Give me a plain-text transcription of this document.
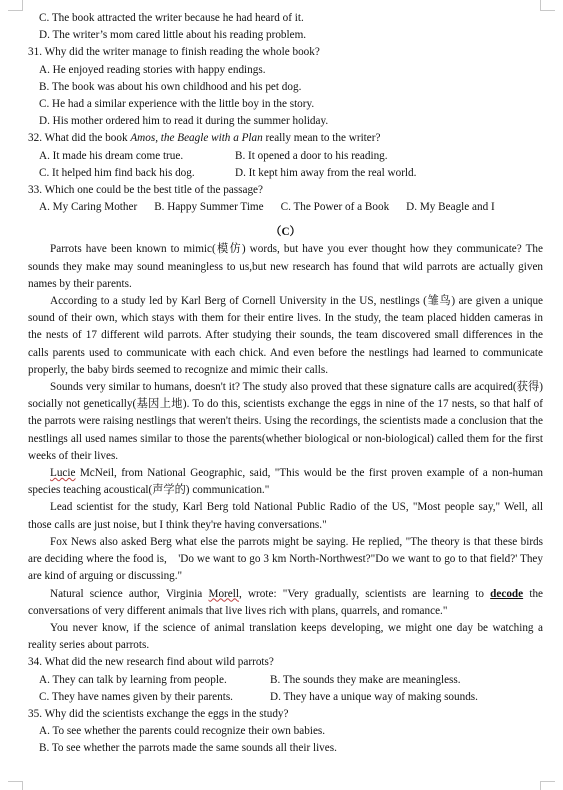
C. The book attracted the writer because he had heard of it.
D. The writer’s mom cared little about his reading problem.
31. Why did the writer manage to finish reading the whole book?
A. He enjoyed reading stories with happy endings.
B. The book was about his own childhood and his pet dog.
C. He had a similar experience with the little boy in the story.
D. His mother ordered him to read it during the summer holiday.
32. What did the book Amos, the Beagle with a Plan really mean to the writer?
A. It made his dream come true.	B. It opened a door to his reading.
C. It helped him find back his dog.	D. It kept him away from the real world.
33. Which one could be the best title of the passage?
A. My Caring Mother B. Happy Summer Time C. The Power of a Book D. My Beagle and I
（C）
Parrots have been known to mimic(模仿) words, but have you ever thought how they communicate? The sounds they make may sound meaningless to us,but new research has found that wild parrots are actually given names by their parents.
According to a study led by Karl Berg of Cornell University in the US, nestlings (雏鸟) are given a unique sound of their own, which stays with them for their entire lives. In the study, the team placed hidden cameras in the nests of 17 different wild parrots. After studying their sounds, the team discovered small differences in the calls parents used to communicate with each chick. And even before the nestlings had learned to communicate properly, the baby birds seemed to recognize and mimic their calls.
Sounds very similar to humans, doesn't it? The study also proved that these signature calls are acquired(获得) socially not genetically(基因上地). To do this, scientists exchange the eggs in nine of the 17 nests, so that half of the parrots were raising nestlings that weren't theirs. Using the recordings, the scientists made a conclusion that the nestlings all used names similar to those the parents(whether biological or non-biological) called them for the first weeks of their lives.
Lucie McNeil, from National Geographic, said, "This would be the first proven example of a non-human species teaching acoustical(声学的) communication."
Lead scientist for the study, Karl Berg told National Public Radio of the US, "Most people say," Well, all those calls are just noise, but I think they're having conversations."
Fox News also asked Berg what else the parrots might be saying. He replied, "The theory is that these birds are deciding where the food is,　'Do we want to go 3 km North-Northwest?"Do we want to go to that field?' They are kind of arguing or discussing."
Natural science author, Virginia Morell, wrote: "Very gradually, scientists are learning to decode the conversations of very different animals that live lives rich with plans, quarrels, and romance."
You never know, if the science of animal translation keeps developing, we might one day be watching a reality series about parrots.
34. What did the new research find about wild parrots?
A. They can talk by learning from people.	B. The sounds they make are meaningless.
C. They have names given by their parents.	D. They have a unique way of making sounds.
35. Why did the scientists exchange the eggs in the study?
A. To see whether the parents could recognize their own babies.
B. To see whether the parrots made the same sounds all their lives.
